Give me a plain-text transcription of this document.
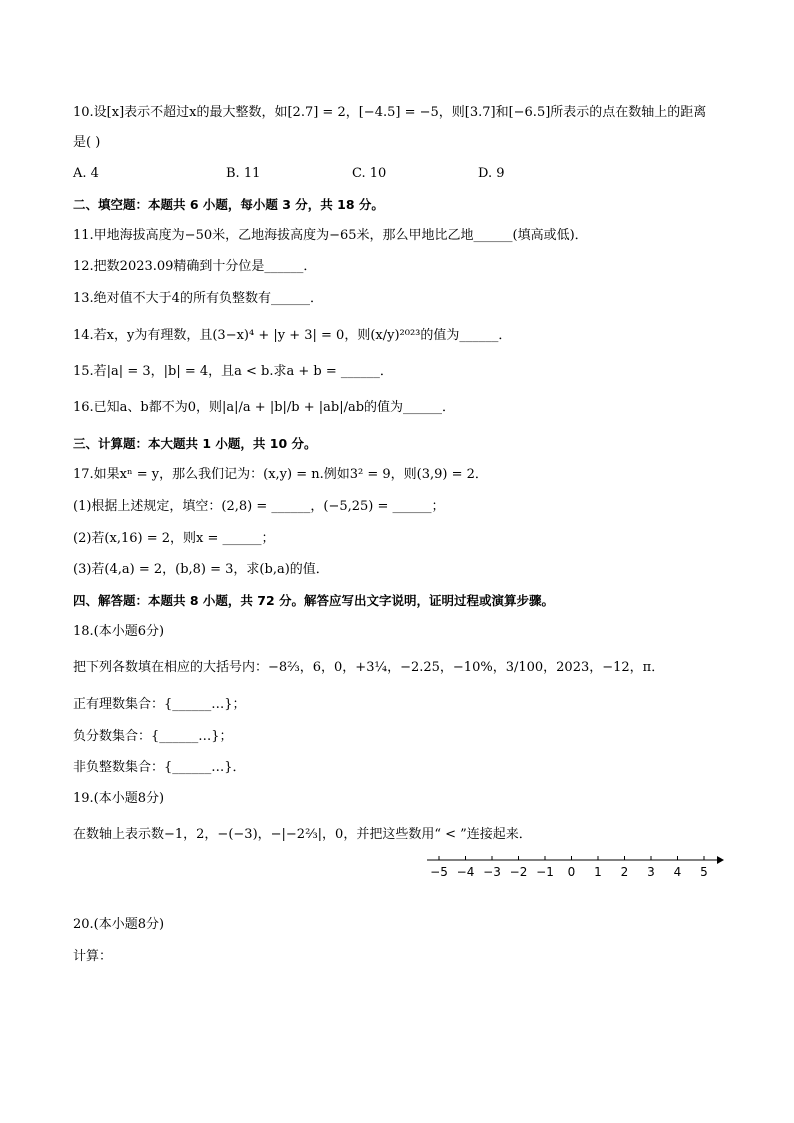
10.设[x]表示不超过x的最大整数，如[2.7] = 2，[−4.5] = −5，则[3.7]和[−6.5]所表示的点在数轴上的距离
是( )
A. 4	B. 11	C. 10	D. 9
二、填空题：本题共 6 小题，每小题 3 分，共 18 分。
11.甲地海拔高度为−50米，乙地海拔高度为−65米，那么甲地比乙地______(填高或低)．
12.把数2023.09精确到十分位是______．
13.绝对值不大于4的所有负整数有______．
14.若x，y为有理数，且(3−x)⁴ + |y + 3| = 0，则(x/y)²⁰²³的值为______．
15.若|a| = 3，|b| = 4，且a < b.求a + b = ______．
16.已知a、b都不为0，则|a|/a + |b|/b + |ab|/ab的值为______．
三、计算题：本大题共 1 小题，共 10 分。
17.如果xⁿ = y，那么我们记为：(x,y) = n.例如3² = 9，则(3,9) = 2．
(1)根据上述规定，填空：(2,8) = ______，(−5,25) = ______；
(2)若(x,16) = 2，则x = ______；
(3)若(4,a) = 2，(b,8) = 3，求(b,a)的值．
四、解答题：本题共 8 小题，共 72 分。解答应写出文字说明，证明过程或演算步骤。
18.(本小题6分)
把下列各数填在相应的大括号内：−8⅔，6，0，+3¼，−2.25，−10%，3/100，2023，−12，π．
正有理数集合：{______…}；
负分数集合：{______…}；
非负整数集合：{______…}．
19.(本小题8分)
在数轴上表示数−1，2，−(−3)，−|−2⅔|，0，并把这些数用“ < ”连接起来．
−5 −4 −3 −2 −1 0 1 2 3 4 5
20.(本小题8分)
计算：
